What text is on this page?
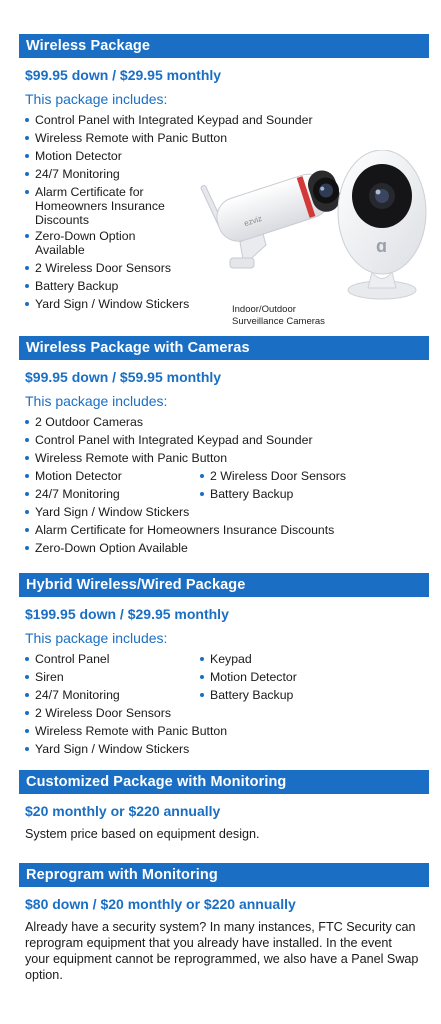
Wireless Package
$99.95 down / $29.95 monthly
This package includes:
Control Panel with Integrated Keypad and Sounder
Wireless Remote with Panic Button
Motion Detector
24/7 Monitoring
Alarm Certificate for Homeowners Insurance Discounts
Zero-Down Option Available
2 Wireless Door Sensors
Battery Backup
Yard Sign / Window Stickers
ezviz
ɑ
Indoor/Outdoor Surveillance Cameras
Wireless Package with Cameras
$99.95 down / $59.95 monthly
This package includes:
2 Outdoor Cameras
Control Panel with Integrated Keypad and Sounder
Wireless Remote with Panic Button
Motion Detector
24/7 Monitoring
2 Wireless Door Sensors
Battery Backup
Yard Sign / Window Stickers
Alarm Certificate for Homeowners Insurance Discounts
Zero-Down Option Available
Hybrid Wireless/Wired Package
$199.95 down / $29.95 monthly
This package includes:
Control Panel
Siren
24/7 Monitoring
Keypad
Motion Detector
Battery Backup
2 Wireless Door Sensors
Wireless Remote with Panic Button
Yard Sign / Window Stickers
Customized Package with Monitoring
$20 monthly or $220 annually
System price based on equipment design.
Reprogram with Monitoring
$80 down / $20 monthly or $220 annually
Already have a security system? In many instances, FTC Security can reprogram equipment that you already have installed. In the event your equipment cannot be reprogrammed, we also have a Panel Swap option.
